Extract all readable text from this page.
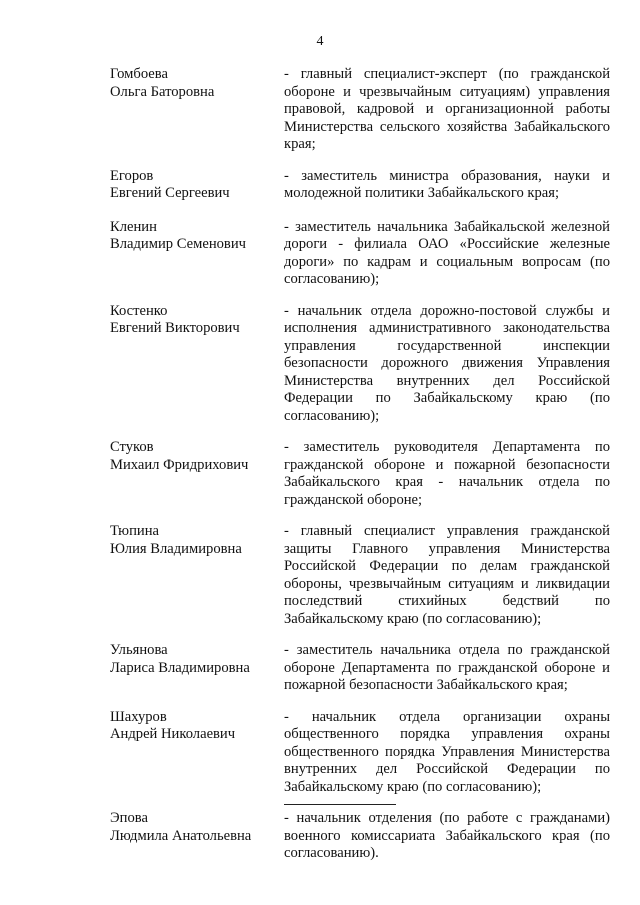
4
Гомбоева
Ольга Баторовна
- главный специалист-эксперт (по гражданской обороне и чрезвычайным ситуациям) управления правовой, кадровой и организационной работы Министерства сельского хозяйства Забайкальского края;
Егоров
Евгений Сергеевич
- заместитель министра образования, науки и молодежной политики Забайкальского края;
Кленин
Владимир Семенович
- заместитель начальника Забайкальской железной дороги - филиала ОАО «Российские железные дороги» по кадрам и социальным вопросам (по согласованию);
Костенко
Евгений Викторович
- начальник отдела дорожно-постовой службы и исполнения административного законодательства управления государственной инспекции безопасности дорожного движения Управления Министерства внутренних дел Российской Федерации по Забайкальскому краю (по согласованию);
Стуков
Михаил Фридрихович
- заместитель руководителя Департамента по гражданской обороне и пожарной безопасности Забайкальского края - начальник отдела по гражданской обороне;
Тюпина
Юлия Владимировна
- главный специалист управления гражданской защиты Главного управления Министерства Российской Федерации по делам гражданской обороны, чрезвычайным ситуациям и ликвидации последствий стихийных бедствий по Забайкальскому краю (по согласованию);
Ульянова
Лариса Владимировна
- заместитель начальника отдела по гражданской обороне Департамента по гражданской обороне и пожарной безопасности Забайкальского края;
Шахуров
Андрей Николаевич
- начальник отдела организации охраны общественного порядка управления охраны общественного порядка Управления Министерства внутренних дел Российской Федерации по Забайкальскому краю (по согласованию);
Эпова
Людмила Анатольевна
- начальник отделения (по работе с гражданами) военного комиссариата Забайкальского края (по согласованию).
